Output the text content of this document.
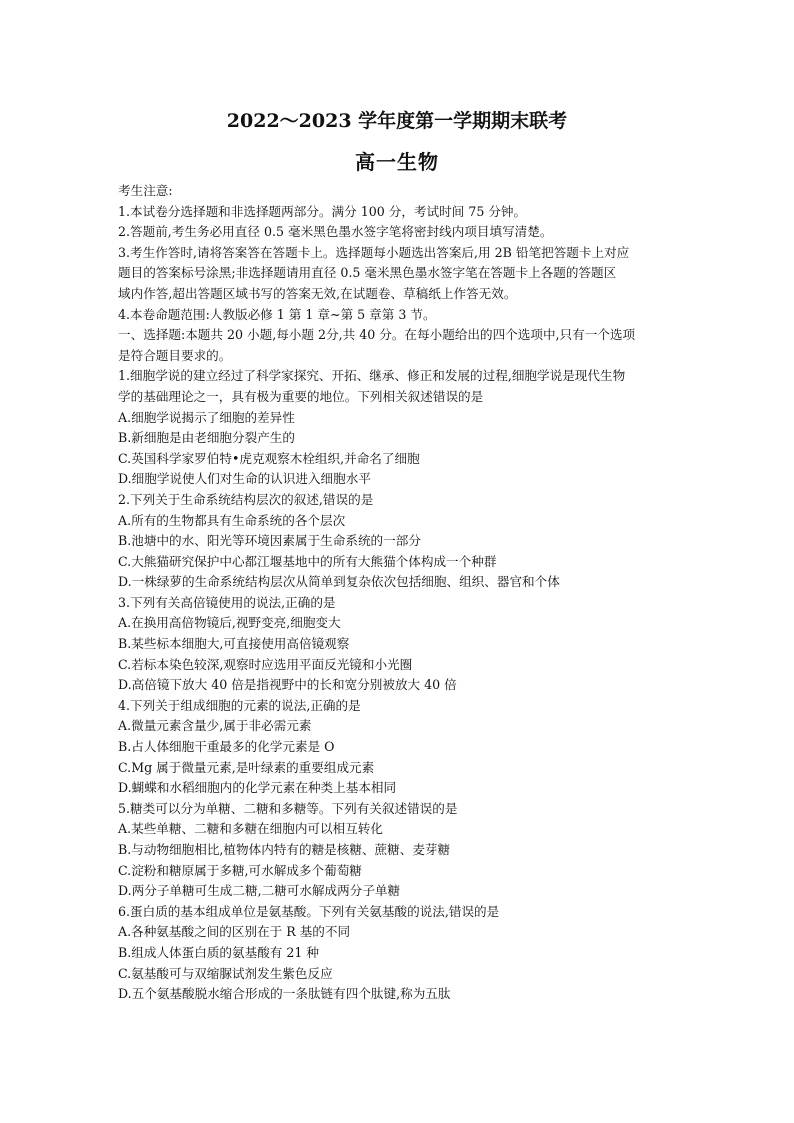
2022～2023 学年度第一学期期末联考
高一生物
考生注意:
1.本试卷分选择题和非选择题两部分。满分 100 分，考试时间 75 分钟。
2.答题前,考生务必用直径 0.5 毫米黑色墨水签字笔将密封线内项目填写清楚。
3.考生作答时,请将答案答在答题卡上。选择题每小题选出答案后,用 2B 铅笔把答题卡上对应
题目的答案标号涂黑;非选择题请用直径 0.5 毫米黑色墨水签字笔在答题卡上各题的答题区
域内作答,超出答题区域书写的答案无效,在试题卷、草稿纸上作答无效。
4.本卷命题范围:人教版必修 1 第 1 章~第 5 章第 3 节。
一、选择题:本题共 20 小题,每小题 2分,共 40 分。在每小题给出的四个选项中,只有一个选项
是符合题目要求的。
1.细胞学说的建立经过了科学家探究、开拓、继承、修正和发展的过程,细胞学说是现代生物
学的基础理论之一，具有极为重要的地位。下列相关叙述错误的是
A.细胞学说揭示了细胞的差异性
B.新细胞是由老细胞分裂产生的
C.英国科学家罗伯特•虎克观察木栓组织,并命名了细胞
D.细胞学说使人们对生命的认识进入细胞水平
2.下列关于生命系统结构层次的叙述,错误的是
A.所有的生物都具有生命系统的各个层次
B.池塘中的水、阳光等环境因素属于生命系统的一部分
C.大熊猫研究保护中心都江堰基地中的所有大熊猫个体构成一个种群
D.一株绿萝的生命系统结构层次从简单到复杂依次包括细胞、组织、器官和个体
3.下列有关高倍镜使用的说法,正确的是
A.在换用高倍物镜后,视野变亮,细胞变大
B.某些标本细胞大,可直接使用高倍镜观察
C.若标本染色较深,观察时应选用平面反光镜和小光圈
D.高倍镜下放大 40 倍是指视野中的长和宽分别被放大 40 倍
4.下列关于组成细胞的元素的说法,正确的是
A.微量元素含量少,属于非必需元素
B.占人体细胞干重最多的化学元素是 O
C.Mg 属于微量元素,是叶绿素的重要组成元素
D.蝴蝶和水稻细胞内的化学元素在种类上基本相同
5.糖类可以分为单糖、二糖和多糖等。下列有关叙述错误的是
A.某些单糖、二糖和多糖在细胞内可以相互转化
B.与动物细胞相比,植物体内特有的糖是核糖、蔗糖、麦芽糖
C.淀粉和糖原属于多糖,可水解成多个葡萄糖
D.两分子单糖可生成二糖,二糖可水解成两分子单糖
6.蛋白质的基本组成单位是氨基酸。下列有关氨基酸的说法,错误的是
A.各种氨基酸之间的区别在于 R 基的不同
B.组成人体蛋白质的氨基酸有 21 种
C.氨基酸可与双缩脲试剂发生紫色反应
D.五个氨基酸脱水缩合形成的一条肽链有四个肽键,称为五肽
